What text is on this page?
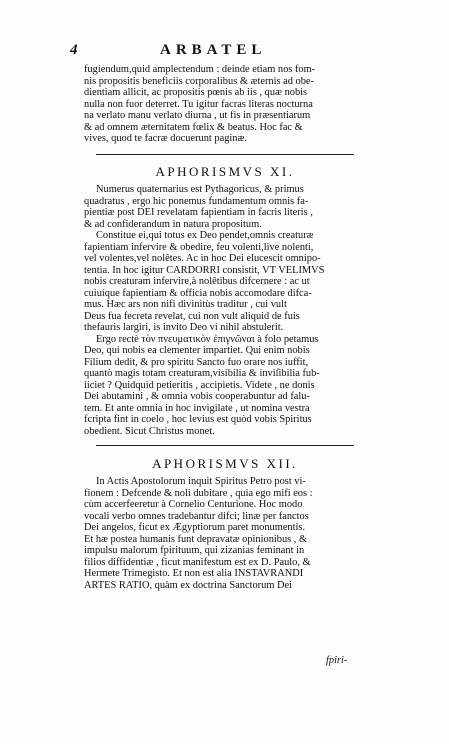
4	ARBATEL
fugiendum,quid amplectendum : deinde etiam nos fom-
nis propositis beneficiis corporalibus & æternis ad obe-
dientiam allicit, ac propositis pœnis ab iis , quæ nobis
nulla non fuor deterret. Tu igitur facras literas nocturna
na verlato manu verlato diurna , ut fis in præsentiarum
& ad omnem æternitatem fœlix & beatus. Hoc fac &
vives, quod te facræ docuerunt paginæ.
APHORISMVS XI.
Numerus quaternarius est Pythagoricus, & primus
quadratus , ergo hic ponemus fundamentum omnis fa-
pientiæ post DEI revelatam fapientiam in facris literis ,
& ad confiderandum in natura propositum.
Constitue ei,qui totus ex Deo pendet,omnis creaturæ
fapientiam infervire & obedire, feu volenti,live nolenti,
vel volentes,vel nolêtes. Ac in hoc Dei elucescit omnipo-
tentia. In hoc igitur CARDORRI consistit, VT VELIMVS
nobis creaturam infervire,à nolêtibus difcernere : ac ut
cuiuíque fapientiam & officia nobis accomodare difca-
mus. Hæc ars non nifi divinitùs traditur , cui vult
Deus fua fecreta revelat, cui non vult aliquid de fuis
thefauris largiri, is invito Deo vi nihil abstulerit.
Ergo rectè τὸν πνευματικὸν ἐπιγνῶναι à folo petamus
Deo, qui nobis ea clementer impartiet. Qui enim nobis
Filium dedit, & pro spiritu Sancto fuo orare nos iuffit,
quantò magis totam creaturam,visibilia & inviſibilia fub-
iiciet ? Quidquid petieritis , accipietis. Videte , ne donis
Dei abutamini , & omnia vobis cooperabuntur ad falu-
tem. Et ante omnia in hoc invigilate , ut nomina vestra
fcripta fint in coelo , hoc levius est quòd vobis Spiritus
obedient. Sicut Christus monet.
APHORISMVS XII.
In Actis Apostolorum inquit Spiritus Petro post vi-
fionem : Defcende & noli dubitare , quia ego mifi eos :
cùm accerfeeretur à Cornelio Centurione. Hoc modo
vocali verbo omnes tradebantur difci; linæ per fanctos
Dei angelos, ficut ex Ægyptiorum paret monumentis.
Et hæ postea humanis funt depravatæ opinionibus , &
impulsu malorum fpirituum, qui zizanias feminant in
filios diffidentiæ , ficut manifestum est ex D. Paulo, &
Hermete Trimegisto. Et non est alia INSTAVRANDI
ARTES RATIO, quàm ex doctrina Sanctorum Dei
fpiri-
